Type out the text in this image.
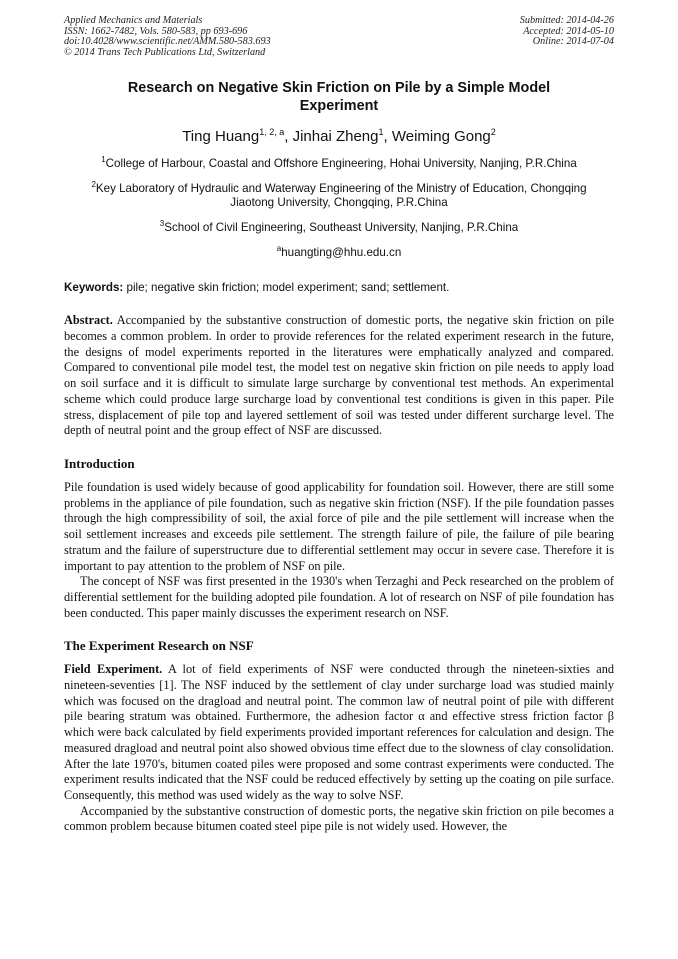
Applied Mechanics and Materials
ISSN: 1662-7482, Vols. 580-583, pp 693-696
doi:10.4028/www.scientific.net/AMM.580-583.693
© 2014 Trans Tech Publications Ltd, Switzerland
Submitted: 2014-04-26
Accepted: 2014-05-10
Online: 2014-07-04
Research on Negative Skin Friction on Pile by a Simple Model Experiment
Ting Huang$^{1, 2, a}$, Jinhai Zheng$^1$, Weiming Gong$^2$
$^1$College of Harbour, Coastal and Offshore Engineering, Hohai University, Nanjing, P.R.China
$^2$Key Laboratory of Hydraulic and Waterway Engineering of the Ministry of Education, Chongqing Jiaotong University, Chongqing, P.R.China
$^3$School of Civil Engineering, Southeast University, Nanjing, P.R.China
$^a$huangting@hhu.edu.cn
Keywords: pile; negative skin friction; model experiment; sand; settlement.

Abstract. Accompanied by the substantive construction of domestic ports, the negative skin friction on pile becomes a common problem. In order to provide references for the related experiment research in the future, the designs of model experiments reported in the literatures were emphatically analyzed and compared. Compared to conventional pile model test, the model test on negative skin friction on pile needs to apply load on soil surface and it is difficult to simulate large surcharge by conventional test methods. An experimental scheme which could produce large surcharge load by conventional test conditions is given in this paper. Pile stress, displacement of pile top and layered settlement of soil was tested under different surcharge level. The depth of neutral point and the group effect of NSF are discussed.

Introduction

Pile foundation is used widely because of good applicability for foundation soil. However, there are still some problems in the appliance of pile foundation, such as negative skin friction (NSF). If the pile foundation passes through the high compressibility of soil, the axial force of pile and the pile settlement will increase when the soil settlement increases and exceeds pile settlement. The strength failure of pile, the failure of pile bearing stratum and the failure of superstructure due to differential settlement may occur in severe case. Therefore it is important to pay attention to the problem of NSF on pile.

The concept of NSF was first presented in the 1930's when Terzaghi and Peck researched on the problem of differential settlement for the building adopted pile foundation. A lot of research on NSF of pile foundation has been conducted. This paper mainly discusses the experiment research on NSF.

The Experiment Research on NSF

Field Experiment. A lot of field experiments of NSF were conducted through the nineteen-sixties and nineteen-seventies [1]. The NSF induced by the settlement of clay under surcharge load was studied mainly which was focused on the dragload and neutral point. The common law of neutral point of pile with different pile bearing stratum was obtained. Furthermore, the adhesion factor α and effective stress friction factor β which were back calculated by field experiments provided important references for calculation and design. The measured dragload and neutral point also showed obvious time effect due to the slowness of clay consolidation. After the late 1970's, bitumen coated piles were proposed and some contrast experiments were conducted. The experiment results indicated that the NSF could be reduced effectively by setting up the coating on pile surface. Consequently, this method was used widely as the way to solve NSF.

Accompanied by the substantive construction of domestic ports, the negative skin friction on pile becomes a common problem because bitumen coated steel pipe pile is not widely used. However, the
